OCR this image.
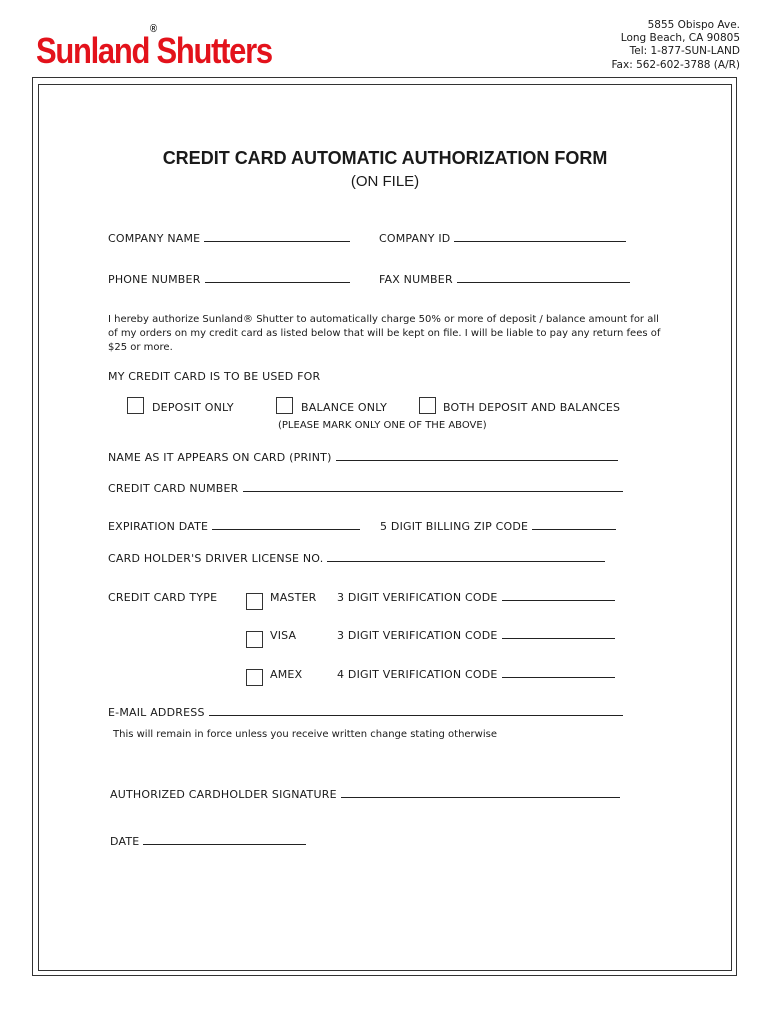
Sunland®Shutters
5855 Obispo Ave.
Long Beach, CA 90805
Tel: 1-877-SUN-LAND
Fax: 562-602-3788 (A/R)
CREDIT CARD AUTOMATIC AUTHORIZATION FORM
(ON FILE)
COMPANY NAME	COMPANY ID
PHONE NUMBER	FAX NUMBER
I hereby authorize Sunland® Shutter to automatically charge 50% or more of deposit / balance amount for all of my orders on my credit card as listed below that will be kept on file. I will be liable to pay any return fees of $25 or more.
MY CREDIT CARD IS TO BE USED FOR
DEPOSIT ONLY	BALANCE ONLY	BOTH DEPOSIT AND BALANCES
(PLEASE MARK ONLY ONE OF THE ABOVE)
NAME AS IT APPEARS ON CARD (PRINT)
CREDIT CARD NUMBER
EXPIRATION DATE	5 DIGIT BILLING ZIP CODE
CARD HOLDER'S DRIVER LICENSE NO.
CREDIT CARD TYPE	MASTER 3 DIGIT VERIFICATION CODE
VISA	3 DIGIT VERIFICATION CODE
AMEX	4 DIGIT VERIFICATION CODE
E-MAIL ADDRESS
This will remain in force unless you receive written change stating otherwise
AUTHORIZED CARDHOLDER SIGNATURE
DATE
